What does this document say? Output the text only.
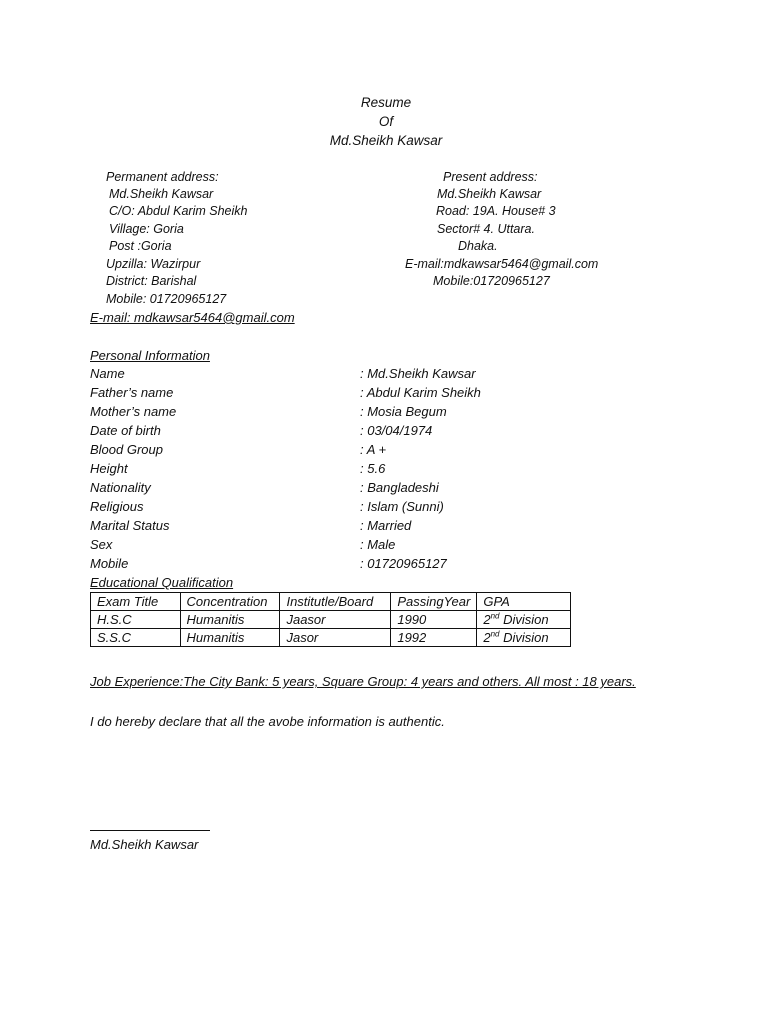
Resume
Of
Md.Sheikh Kawsar
Permanent address:
Md.Sheikh Kawsar
C/O: Abdul Karim Sheikh
Village: Goria
Post :Goria
Upzilla: Wazirpur
District: Barishal
Mobile: 01720965127
Present address:
Md.Sheikh Kawsar
Road: 19A. House# 3
Sector# 4. Uttara.
Dhaka.
E-mail:mdkawsar5464@gmail.com
Mobile:01720965127
E-mail: mdkawsar5464@gmail.com
Personal Information
Name	: Md.Sheikh Kawsar
Father’s name	: Abdul Karim Sheikh
Mother’s name	: Mosia Begum
Date of birth	: 03/04/1974
Blood Group	: A +
Height	: 5.6
Nationality	: Bangladeshi
Religious	: Islam (Sunni)
Marital Status	: Married
Sex	: Male
Mobile	: 01720965127
Educational Qualification
Exam Title	Concentration	Institutle/Board	PassingYear	GPA
H.S.C	Humanitis	Jaasor	1990	2nd Division
S.S.C	Humanitis	Jasor	1992	2nd Division
Job Experience:The City Bank: 5 years, Square Group: 4 years and others. All most : 18 years.
I do hereby declare that all the avobe information is authentic.
Md.Sheikh Kawsar
